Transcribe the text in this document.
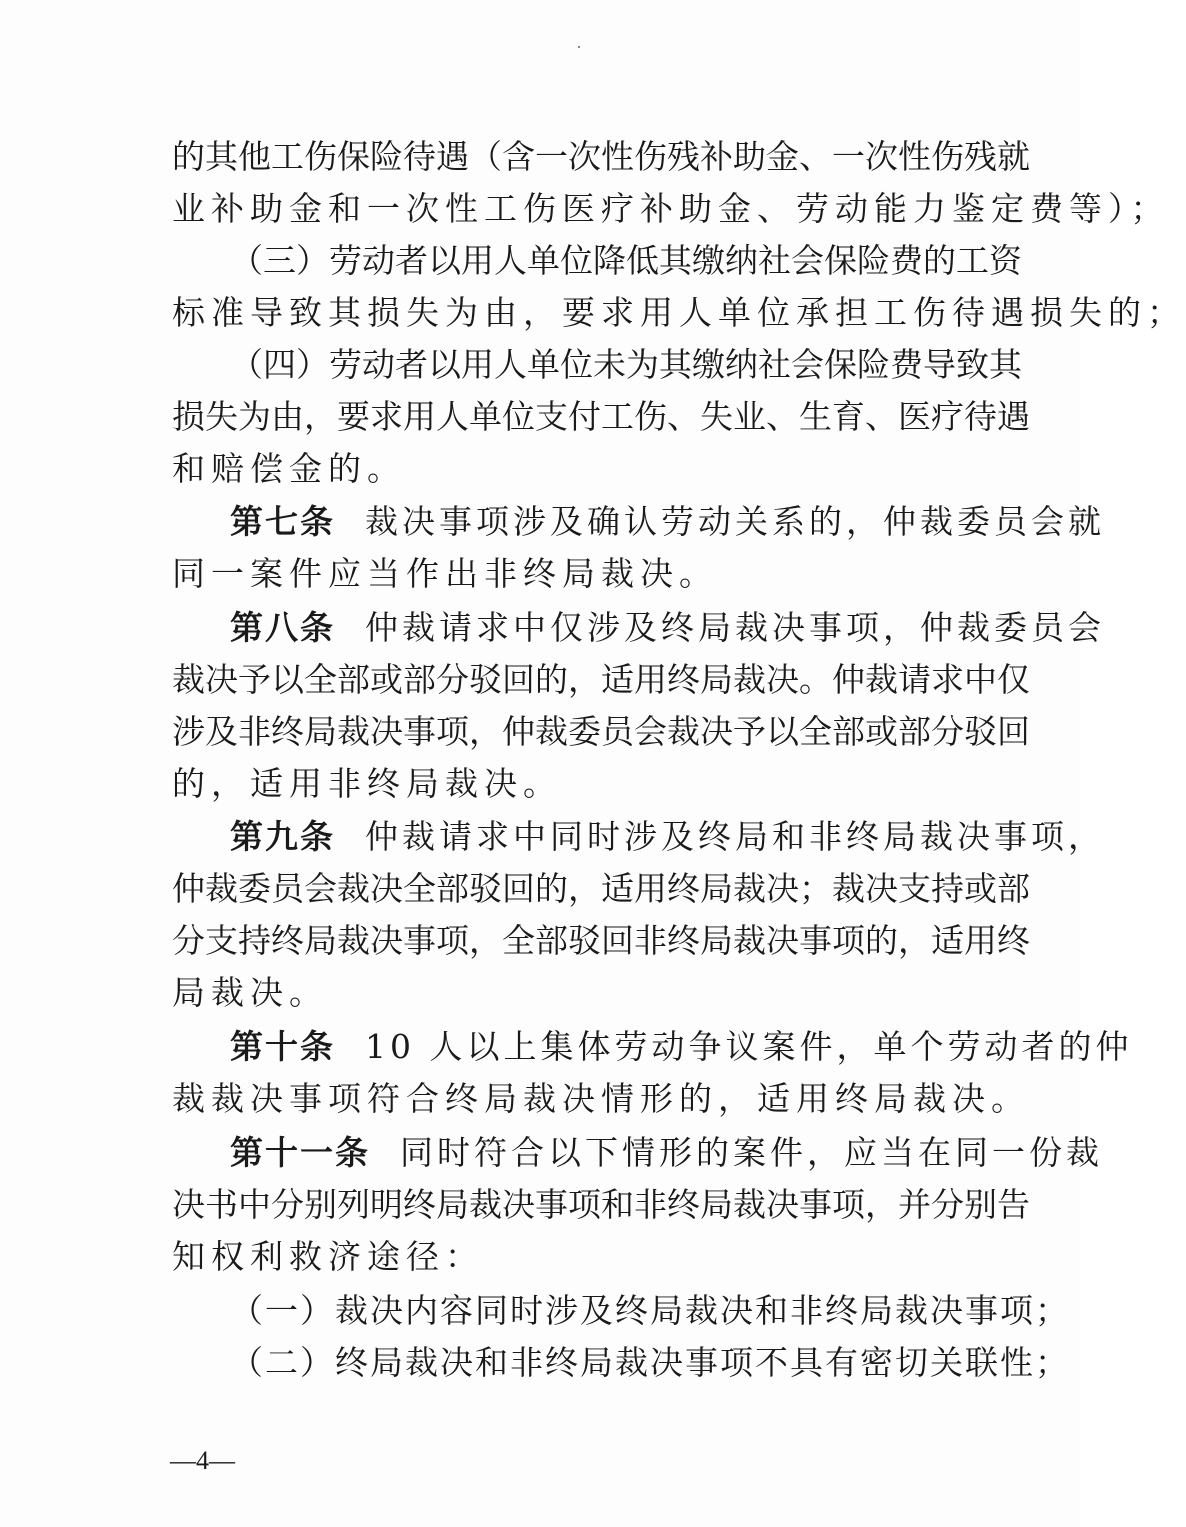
的其他工伤保险待遇（含一次性伤残补助金、一次性伤残就
业补助金和一次性工伤医疗补助金、劳动能力鉴定费等）；
（三）劳动者以用人单位降低其缴纳社会保险费的工资
标准导致其损失为由，要求用人单位承担工伤待遇损失的；
（四）劳动者以用人单位未为其缴纳社会保险费导致其
损失为由，要求用人单位支付工伤、失业、生育、医疗待遇
和赔偿金的。
第七条 裁决事项涉及确认劳动关系的，仲裁委员会就
同一案件应当作出非终局裁决。
第八条 仲裁请求中仅涉及终局裁决事项，仲裁委员会
裁决予以全部或部分驳回的，适用终局裁决。仲裁请求中仅
涉及非终局裁决事项，仲裁委员会裁决予以全部或部分驳回
的，适用非终局裁决。
第九条 仲裁请求中同时涉及终局和非终局裁决事项，
仲裁委员会裁决全部驳回的，适用终局裁决；裁决支持或部
分支持终局裁决事项，全部驳回非终局裁决事项的，适用终
局裁决。
第十条 10 人以上集体劳动争议案件，单个劳动者的仲
裁裁决事项符合终局裁决情形的，适用终局裁决。
第十一条 同时符合以下情形的案件，应当在同一份裁
决书中分别列明终局裁决事项和非终局裁决事项，并分别告
知权利救济途径：
（一）裁决内容同时涉及终局裁决和非终局裁决事项；
（二）终局裁决和非终局裁决事项不具有密切关联性；
—4—
